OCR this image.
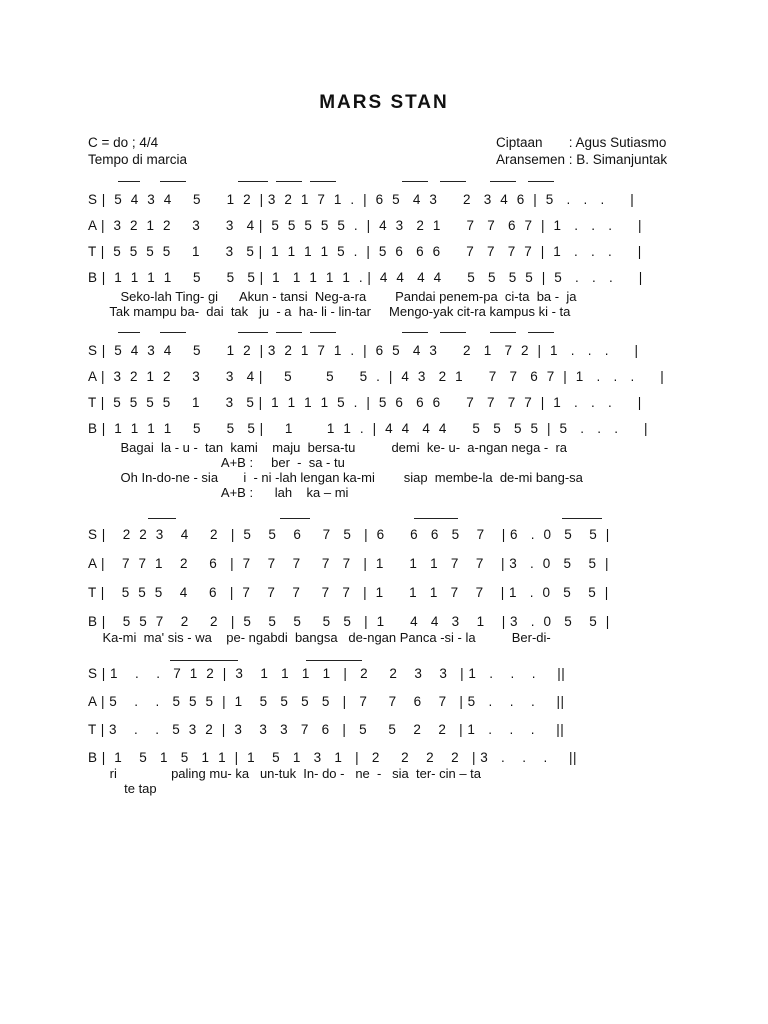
MARS STAN
C = do ; 4/4
Tempo di marcia
Ciptaan       : Agus Sutiasmo
Aransemen : B. Simanjuntak
S |  5  4  3  4     5      1  2  | 3  2  1  7  1  .  |  6  5   4  3      2   3  4  6  |  5   .   .   .      |
A |  3  2  1  2     3      3   4 |  5  5  5  5  5  .  |  4  3   2  1      7   7   6  7  |  1   .   .   .      |
T |  5  5  5  5     1      3   5 |  1  1  1  1  5  .  |  5  6   6  6      7   7   7  7  |  1   .   .   .      |
B |  1  1  1  1     5      5   5 |  1   1  1  1  1  . |  4  4   4  4      5   5   5  5  |  5   .   .   .      |
Seko-lah Ting- gi      Akun - tansi  Neg-a-ra        Pandai penem-pa  ci-ta  ba -  ja
Tak mampu ba-  dai  tak   ju  - a  ha- li - lin-tar     Mengo-yak cit-ra kampus ki - ta
S |  5  4  3  4     5      1  2  | 3  2  1  7  1  .  |  6  5   4  3      2   1   7  2  |  1   .   .   .      |
A |  3  2  1  2     3      3   4 |     5        5      5  .  |  4  3   2  1      7   7   6  7  |  1   .   .   .      |
T |  5  5  5  5     1      3   5 |  1  1  1  1  5  .  |  5  6   6  6      7   7   7  7  |  1   .   .   .      |
B |  1  1  1  1     5      5   5 |     1        1  1  .  |  4  4   4  4      5   5   5  5  |  5   .   .   .      |
Bagai  la - u -  tan  kami    maju  bersa-tu          demi  ke- u-  a-ngan nega -  ra
A+B :     ber  -  sa - tu
Oh In-do-ne - sia       i  - ni -lah lengan ka-mi        siap  membe-la  de-mi bang-sa
A+B :      lah    ka – mi
S |    2  2  3    4     2   |  5    5    6     7   5   |  6      6   6   5    7    | 6   .  0   5    5  |
A |    7  7  1    2     6   |  7    7    7     7   7   |  1      1   1   7    7    | 3   .  0   5    5  |
T |    5  5  5    4     6   |  7    7    7     7   7   |  1      1   1   7    7    | 1   .  0   5    5  |
B |    5  5  7    2     2   |  5    5    5     5   5   |  1      4   4   3    1    | 3   .  0   5    5  |
Ka-mi  ma' sis - wa    pe- ngabdi  bangsa   de-ngan Panca -si - la          Ber-di-
S | 1    .    .   7  1  2  |  3    1   1   1   1   |   2     2    3    3   | 1   .    .    .     ||
A | 5    .    .   5  5  5  |  1    5   5   5   5   |   7     7    6    7   | 5   .    .    .     ||
T | 3    .    .   5  3  2  |  3    3   3   7   6   |   5     5    2    2   | 1   .    .    .     ||
B |  1    5   1   5   1  1  |  1    5   1   3   1   |   2     2    2    2   | 3   .    .    .     ||
ri               paling mu- ka   un-tuk  In- do -   ne  -   sia  ter- cin – ta
te tap
